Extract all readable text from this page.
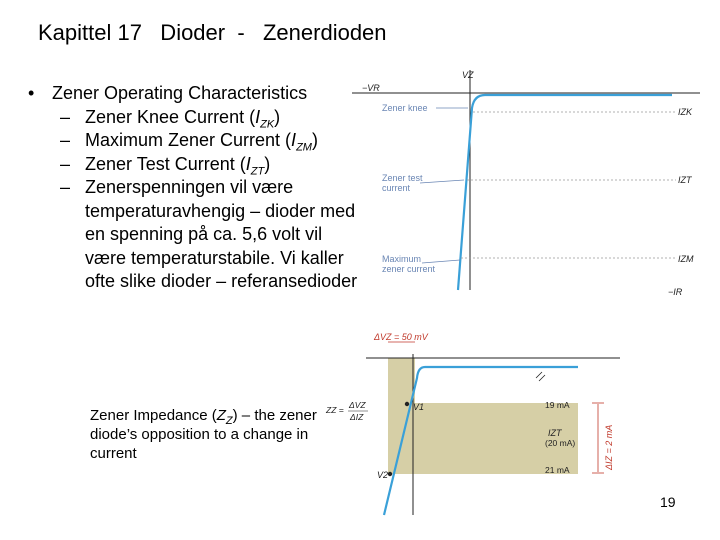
Kapittel 17   Dioder  -   Zenerdioden
• Zener Operating Characteristics
– Zener Knee Current $(I_{ZK})$
– Maximum Zener Current $(I_{ZM})$
– Zener Test Current $(I_{ZT})$
– Zenerspenningen vil være temperaturavhengig – dioder med en spenning på ca. 5,6 volt vil være temperaturstabile. Vi kaller ofte slike dioder – referansedioder
Zener Impedance $(Z_Z)$ – the zener diode’s opposition to a change in current
19
VZ
−VR
−IR
IZK
IZT
IZM
Zener knee
Zener test
current
Maximum
zener current
ΔVZ = 50 mV
ZZ = ΔVZ
ΔIZ
V1
V2
19 mA
IZT
(20 mA)
21 mA	ΔIZ = 2 mA
